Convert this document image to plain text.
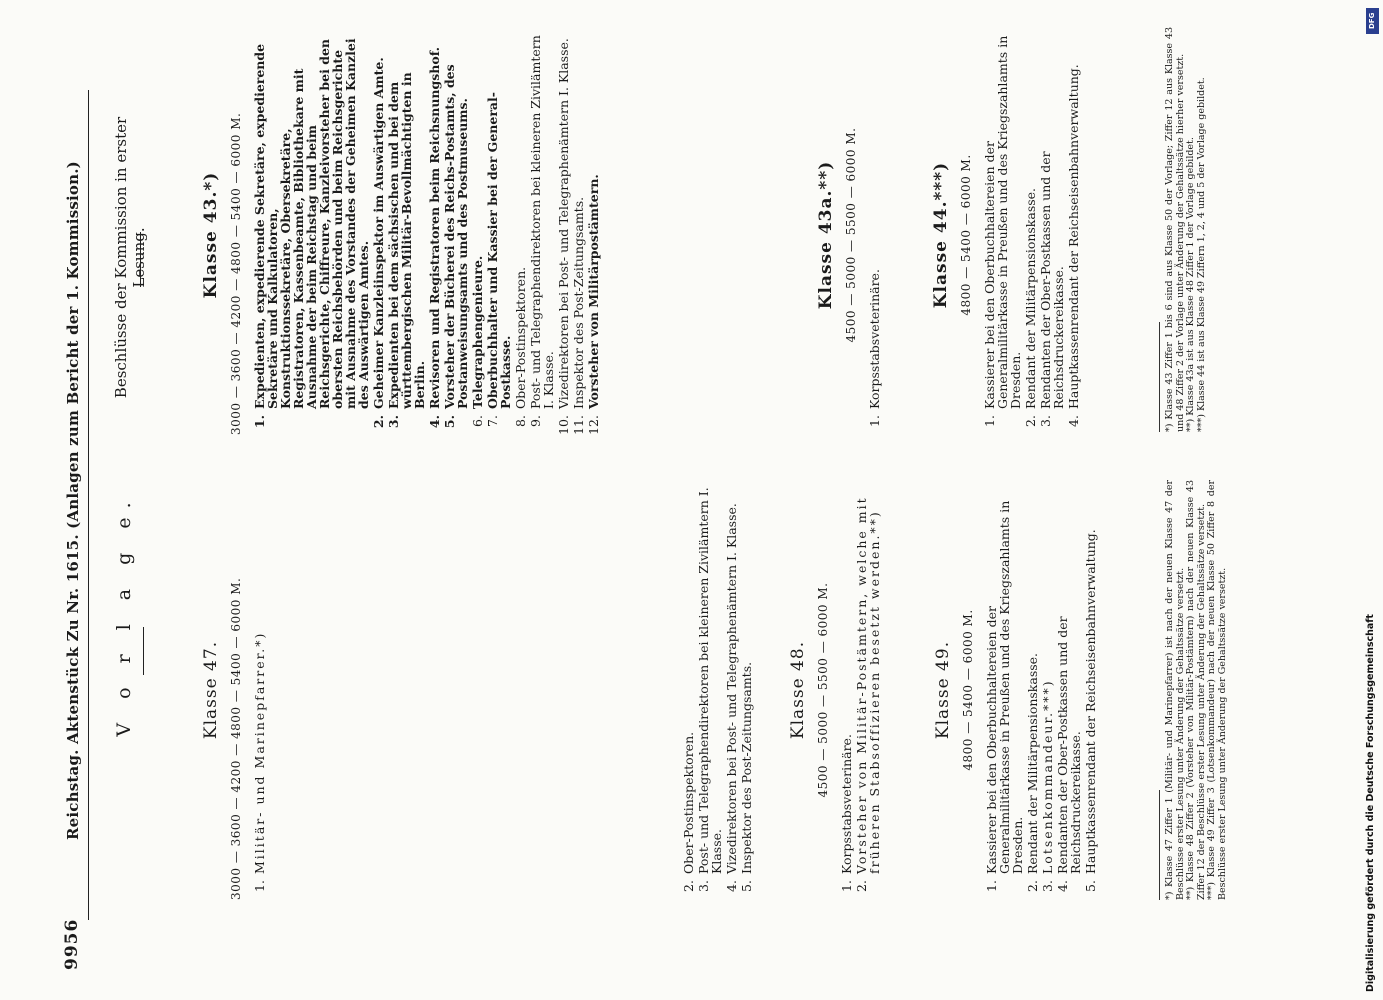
9956
Reichstag. Aktenstück Zu Nr. 1615. (Anlagen zum Bericht der 1. Kommission.) V o r l a g e.
Beschlüsse der Kommission in erster Lesung.
Klasse 47. 3000 — 3600 — 4200 — 4800 — 5400 — 6000 M. 1.
Militär- und Marinepfarrer.*)
2.
Ober-Postinspektoren.
3.
Post- und Telegraphendirektoren bei kleineren Zivilämtern I. Klasse.
4.
Vizedirektoren bei Post- und Telegraphenämtern I. Klasse.
5.
Inspektor des Post-Zeitungsamts. Klasse 48. 4500 — 5000 — 5500 — 6000 M.
1.
Korpsstabsveterinäre.
2.
Vorsteher von Militär-Postämtern, welche mit früheren Stabsoffizieren besetzt werden.**)	Klasse 49. 4800 — 5400 — 6000 M.
1.
Kassierer bei den Oberbuchhaltereien der Generalmilitärkasse in Preußen und des Kriegszahlamts in Dresden.
2.
Rendant der Militärpensionskasse.
3.
Lotsenkommandeur.***)
4.
Rendanten der Ober-Postkassen und der Reichsdruckereikasse.
5.
Hauptkassenrendant der Reichseisenbahnverwaltung.	*) Klasse 47 Ziffer 1 (Militär- und Marinepfarrer) ist nach der neuen Klasse 47 der Beschlüsse erster Lesung unter Änderung der Gehaltssätze versetzt. **) Klasse 48 Ziffer 2 (Vorsteher von Militär-Postämtern) nach der neuen Klasse 43 Ziffer 12 der Beschlüsse erster Lesung unter Änderung der Gehaltssätze versetzt. ***) Klasse 49 Ziffer 3 (Lotsenkommandeur) nach der neuen Klasse 50 Ziffer 8 der Beschlüsse erster Lesung unter Änderung der Gehaltssätze versetzt.

Klasse 43.*) 3000 — 3600 — 4200 — 4800 — 5400 — 6000 M. 1.
Expedienten, expedierende Sekretäre, expedierende Sekretäre und Kalkulatoren, Konstruktionssekretäre, Obersekretäre, Registratoren, Kassenbeamte, Bibliothekare mit Ausnahme der beim Reichstag und beim Reichsgerichte, Chiffreure, Kanzleivorsteher bei den obersten Reichsbehörden und beim Reichsgerichte mit Ausnahme des Vorstandes der Geheimen Kanzlei des Auswärtigen Amtes.
2.
Geheimer Kanzleiinspektor im Auswärtigen Amte.
3.
Expedienten bei dem sächsischen und bei dem württembergischen Militär-Bevollmächtigten in Berlin.
4.
Revisoren und Registratoren beim Reichsnungshof.
5.
Vorsteher der Bücherei des Reichs-Postamts, des Postanweisungsamts und des Postmuseums.
6.
Telegraphengenieure.
7.
Oberbuchhalter und Kassier bei der General-Postkasse.
8.
Ober-Postinspektoren.
9.
Post- und Telegraphendirektoren bei kleineren Zivilämtern I. Klasse.
10.
Vizedirektoren bei Post- und Telegraphenämtern I. Klasse.
11.
Inspektor des Post-Zeitungsamts.
12.
Vorsteher von Militärpostämtern.	Klasse 43a.**) 4500 — 5000 — 5500 — 6000 M.
1.
Korpsstabsveterinäre.
Klasse 44.***) 4800 — 5400 — 6000 M.
1.
Kassierer bei den Oberbuchhaltereien der Generalmilitärkasse in Preußen und des Kriegszahlamts in Dresden.
2.
Rendant der Militärpensionskasse.
3.
Rendanten der Ober-Postkassen und der Reichsdruckereikasse.
4.
Hauptkassenrendant der Reichseisenbahnverwaltung.	*) Klasse 43 Ziffer 1 bis 6 sind aus Klasse 50 der Vorlage; Ziffer 12 aus Klasse 43 und 48 Ziffer 2 der Vorlage unter Änderung der Gehaltssätze hierher versetzt. **) Klasse 43a ist aus Klasse 48 Ziffer 1 der Vorlage gebildet. ***) Klasse 44 ist aus Klasse 49 Ziffern 1, 2, 4 und 5 der Vorlage gebildet.

DFG
Digitalisierung gefördert durch die Deutsche Forschungsgemeinschaft
